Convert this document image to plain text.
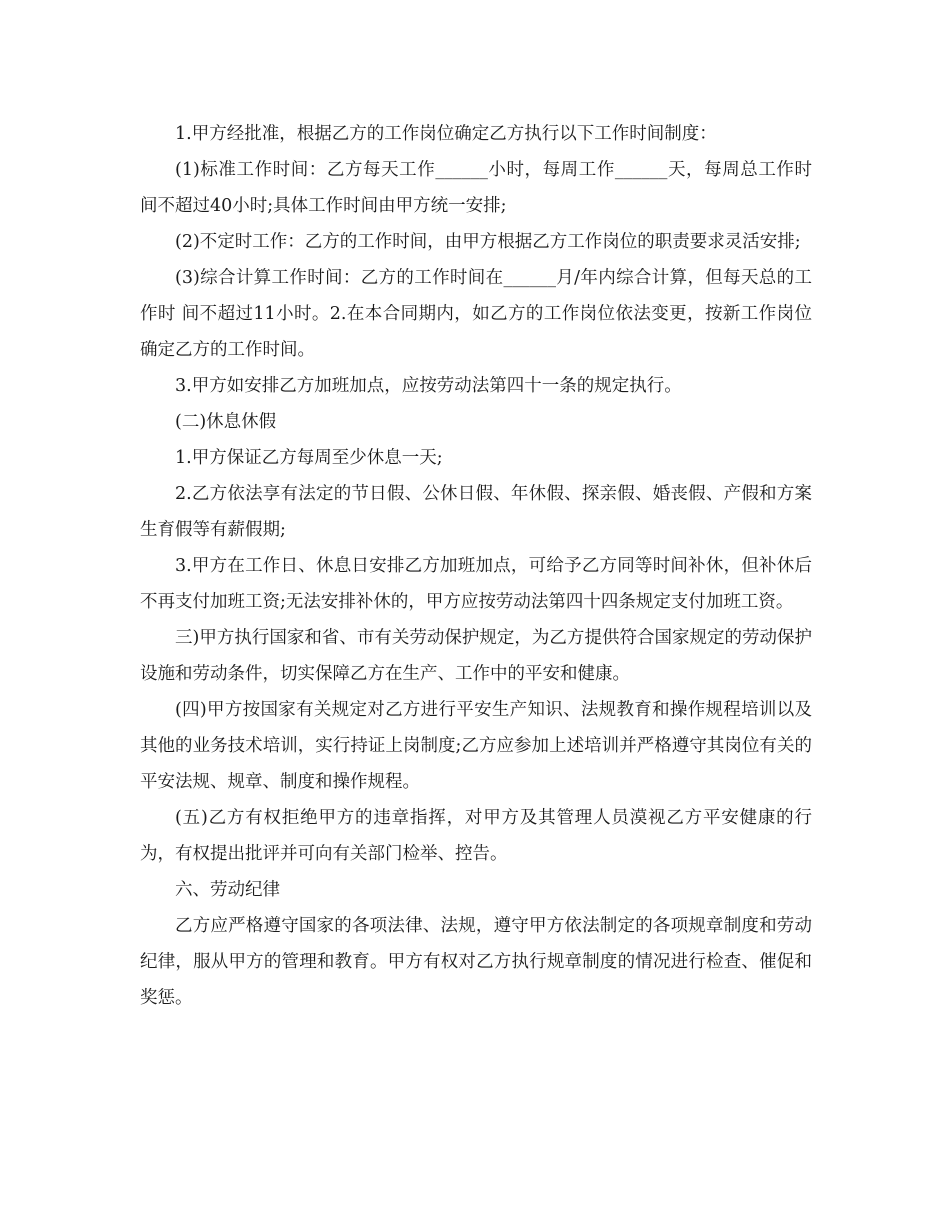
1.甲方经批准，根据乙方的工作岗位确定乙方执行以下工作时间制度：

(1)标准工作时间：乙方每天工作______小时，每周工作______天，每周总工作时间不超过40小时;具体工作时间由甲方统一安排;

(2)不定时工作：乙方的工作时间，由甲方根据乙方工作岗位的职责要求灵活安排;

(3)综合计算工作时间：乙方的工作时间在______月/年内综合计算，但每天总的工作时 间不超过11小时。2.在本合同期内，如乙方的工作岗位依法变更，按新工作岗位确定乙方的工作时间。

3.甲方如安排乙方加班加点，应按劳动法第四十一条的规定执行。

(二)休息休假

1.甲方保证乙方每周至少休息一天;

2.乙方依法享有法定的节日假、公休日假、年休假、探亲假、婚丧假、产假和方案生育假等有薪假期;

3.甲方在工作日、休息日安排乙方加班加点，可给予乙方同等时间补休，但补休后不再支付加班工资;无法安排补休的，甲方应按劳动法第四十四条规定支付加班工资。

三)甲方执行国家和省、市有关劳动保护规定，为乙方提供符合国家规定的劳动保护设施和劳动条件，切实保障乙方在生产、工作中的平安和健康。

(四)甲方按国家有关规定对乙方进行平安生产知识、法规教育和操作规程培训以及其他的业务技术培训，实行持证上岗制度;乙方应参加上述培训并严格遵守其岗位有关的平安法规、规章、制度和操作规程。

(五)乙方有权拒绝甲方的违章指挥，对甲方及其管理人员漠视乙方平安健康的行为，有权提出批评并可向有关部门检举、控告。

六、劳动纪律

乙方应严格遵守国家的各项法律、法规，遵守甲方依法制定的各项规章制度和劳动纪律，服从甲方的管理和教育。甲方有权对乙方执行规章制度的情况进行检查、催促和奖惩。
